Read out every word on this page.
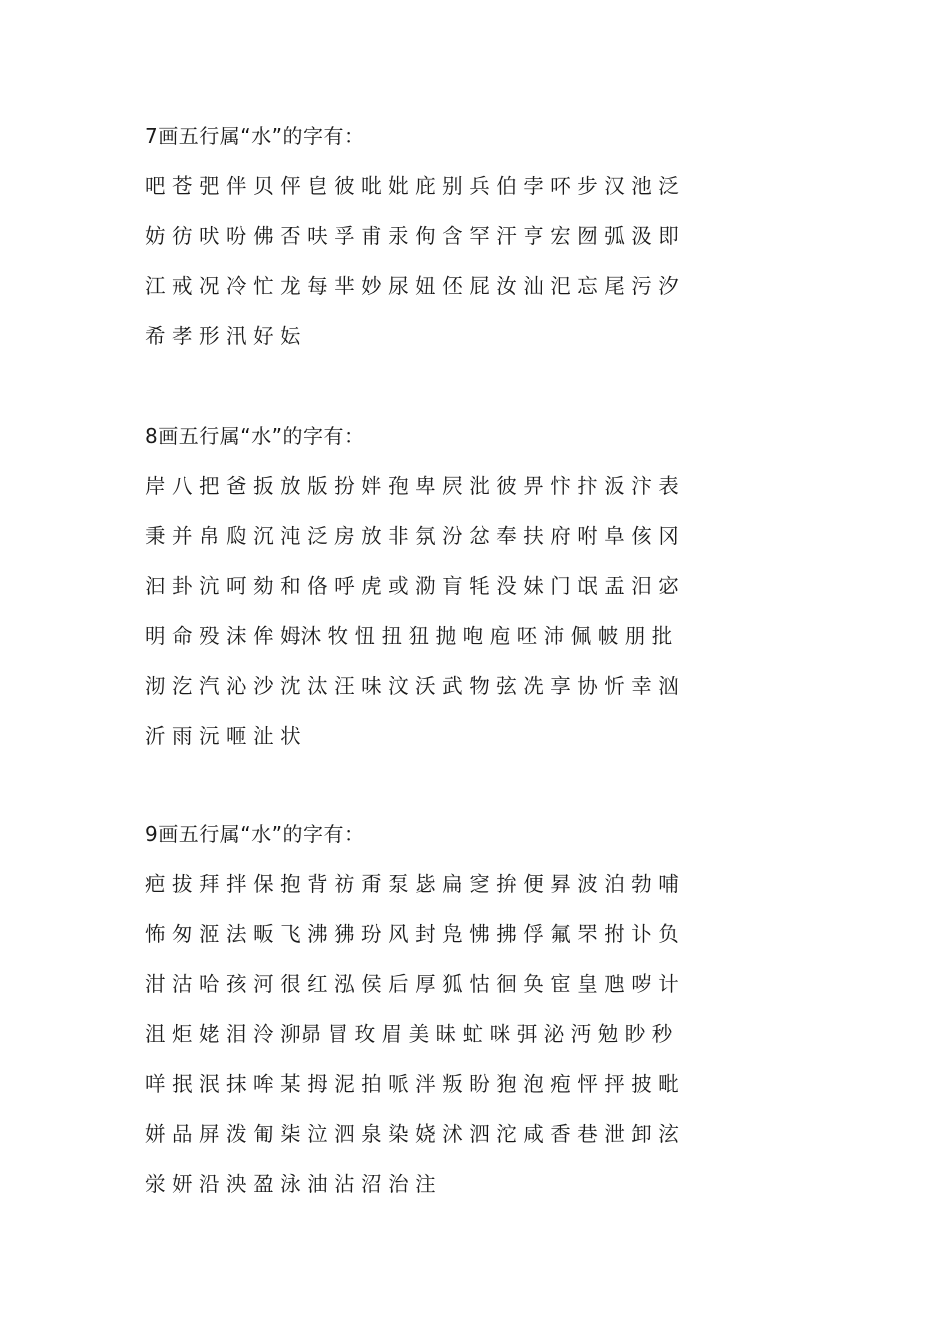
7画五行属“水”的字有：
吧 苍 弝 伴 贝 伻 皀 彼 吡 妣 庇 别 兵 伯 孛 吥 步 汉 池 泛
妨 彷 吠 吩 佛 否 呋 孚 甫 汞 佝 含 罕 汗 亨 宏 囫 弧 汲 即
江 戒 况 冷 忙 龙 每 芈 妙 尿 妞 伾 屁 汝 汕 汜 忘 尾 污 汐
希 孝 形 汛 好 妘
8画五行属“水”的字有：
岸 八 把 爸 扳 放 版 扮 姅 孢 卑 屄 沘 彼 畀 忭 抃 汳 汴 表
秉 并 帛 瓝 沉 沌 泛 房 放 非 氛 汾 忿 奉 扶 府 咐 阜 侅 冈
汩 卦 沆 呵 劾 和 佫 呼 虎 或 泐 肓 牦 没 妹 门 氓 盂 汨 宓
明 命 殁 沫 侔 姆沐 牧 忸 扭 狃 抛 咆 庖 呸 沛 佩 帔 朋 批
沏 汔 汽 沁 沙 沈 汰 汪 味 汶 沃 武 物 弦 冼 享 协 忻 幸 汹
沂 雨 沅 咂 沚 状
9画五行属“水”的字有：
疤 拔 拜 拌 保 抱 背 祊 甭 泵 毖 扁 窆 拚 便 昪 波 泊 勃 哺
怖 匆 洍 法 畈 飞 沸 狒 玢 风 封 凫 怫 拂 俘 氟 罘 拊 讣 负
泔 沽 哈 孩 河 很 红 泓 侯 后 厚 狐 怙 徊 奂 宦 皇 虺 哕 计
沮 炬 姥 泪 泠 泖昴 冒 玫 眉 美 昧 虻 咪 弭 泌 沔 勉 眇 秒
咩 抿 泯 抹 哞 某 拇 泥 拍 哌 泮 叛 盼 狍 泡 疱 怦 抨 披 毗
姘 品 屏 泼 匍 柒 泣 泗 泉 染 娆 沭 泗 沱 咸 香 巷 泄 卸 泫
泶 妍 沿 泱 盈 泳 油 沾 沼 治 注
